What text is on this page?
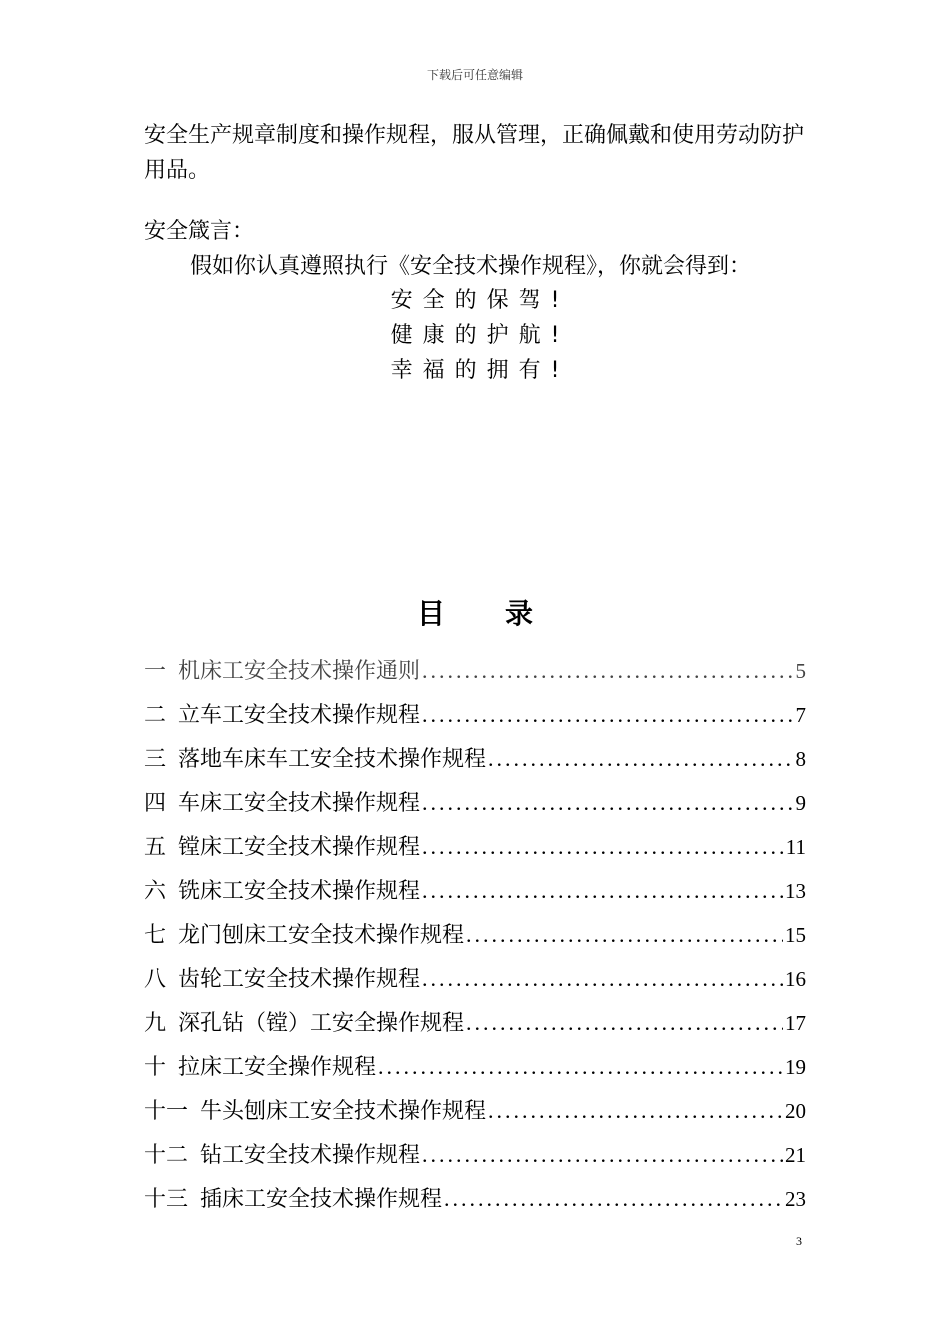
下载后可任意编辑

安全生产规章制度和操作规程，服从管理，正确佩戴和使用劳动防护用品。

安全箴言：
假如你认真遵照执行《安全技术操作规程》，你就会得到：
安全的保驾!
健康的护航!
幸福的拥有!
目录
一 机床工安全技术操作通则 .....	5
二 立车工安全技术操作规程 .....	7
三 落地车床车工安全技术操作规程 .....	8
四 车床工安全技术操作规程 .....	9
五 镗床工安全技术操作规程 .....	11
六 铣床工安全技术操作规程 .....	13
七 龙门刨床工安全技术操作规程 .....	15
八 齿轮工安全技术操作规程 .....	16
九 深孔钻（镗）工安全操作规程 .....	17
十 拉床工安全操作规程 .....	19
十一 牛头刨床工安全技术操作规程 .....	20
十二 钻工安全技术操作规程 .....	21
十三 插床工安全技术操作规程 .....	23
3
